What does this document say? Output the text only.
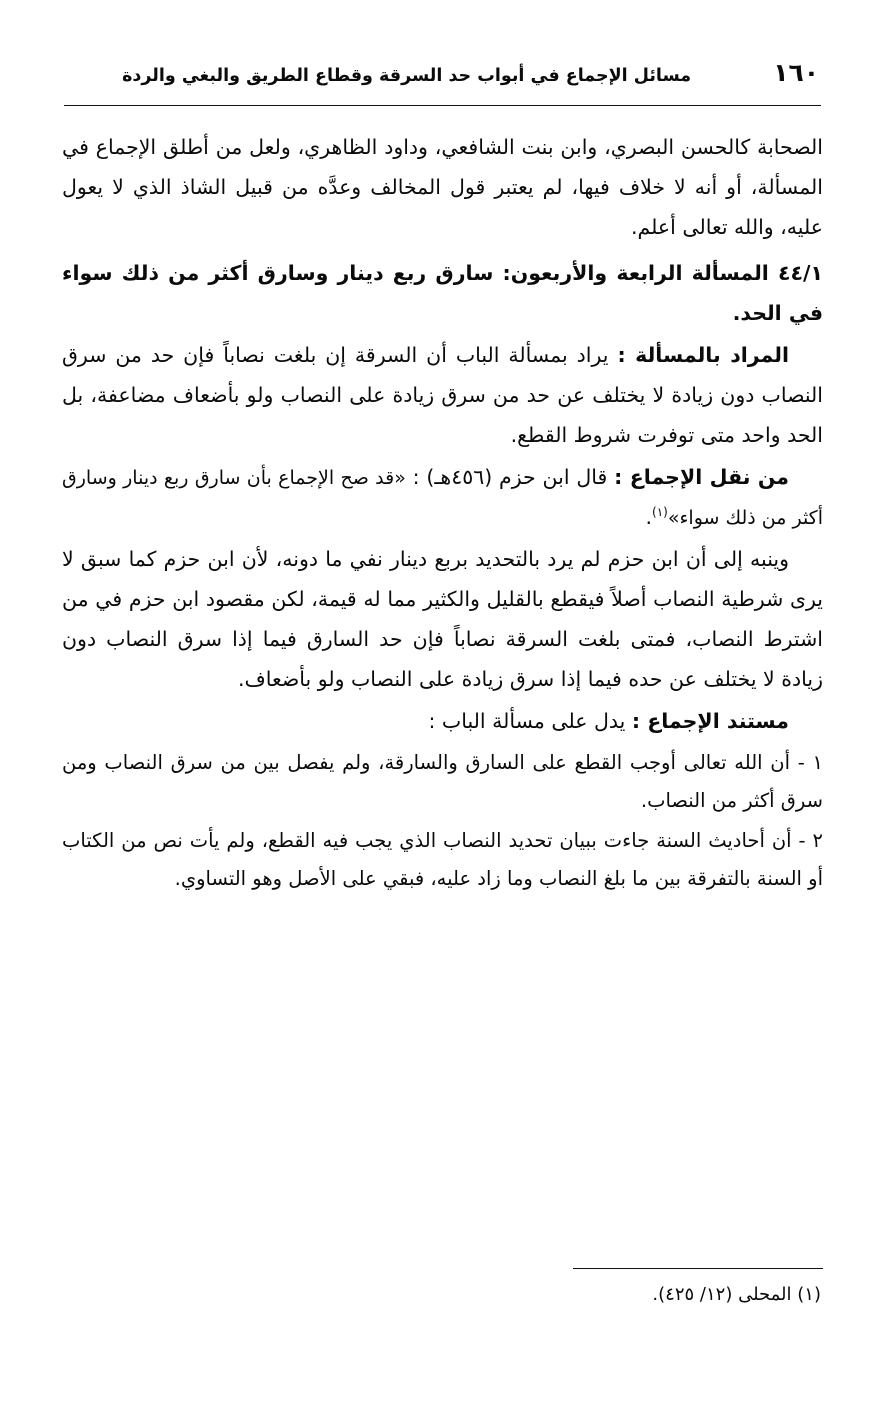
١٦٠
مسائل الإجماع في أبواب حد السرقة وقطاع الطريق والبغي والردة

الصحابة كالحسن البصري، وابن بنت الشافعي، وداود الظاهري، ولعل من أطلق الإجماع في المسألة، أو أنه لا خلاف فيها، لم يعتبر قول المخالف وعدَّه من قبيل الشاذ الذي لا يعول عليه، والله تعالى أعلم.

٤٤/١ المسألة الرابعة والأربعون: سارق ربع دينار وسارق أكثر من ذلك سواء في الحد.

المراد بالمسألة : يراد بمسألة الباب أن السرقة إن بلغت نصاباً فإن حد من سرق النصاب دون زيادة لا يختلف عن حد من سرق زيادة على النصاب ولو بأضعاف مضاعفة، بل الحد واحد متى توفرت شروط القطع.

من نقل الإجماع : قال ابن حزم (٤٥٦هـ) : «قد صح الإجماع بأن سارق ربع دينار وسارق أكثر من ذلك سواء»$^{(١)}$.

وينبه إلى أن ابن حزم لم يرد بالتحديد بربع دينار نفي ما دونه، لأن ابن حزم كما سبق لا يرى شرطية النصاب أصلاً فيقطع بالقليل والكثير مما له قيمة، لكن مقصود ابن حزم في من اشترط النصاب، فمتى بلغت السرقة نصاباً فإن حد السارق فيما إذا سرق النصاب دون زيادة لا يختلف عن حده فيما إذا سرق زيادة على النصاب ولو بأضعاف.

مستند الإجماع : يدل على مسألة الباب :

١ - أن الله تعالى أوجب القطع على السارق والسارقة، ولم يفصل بين من سرق النصاب ومن سرق أكثر من النصاب.

٢ - أن أحاديث السنة جاءت ببيان تحديد النصاب الذي يجب فيه القطع، ولم يأت نص من الكتاب أو السنة بالتفرقة بين ما بلغ النصاب وما زاد عليه، فبقي على الأصل وهو التساوي.

(١) المحلى (١٢/ ٤٢٥).
